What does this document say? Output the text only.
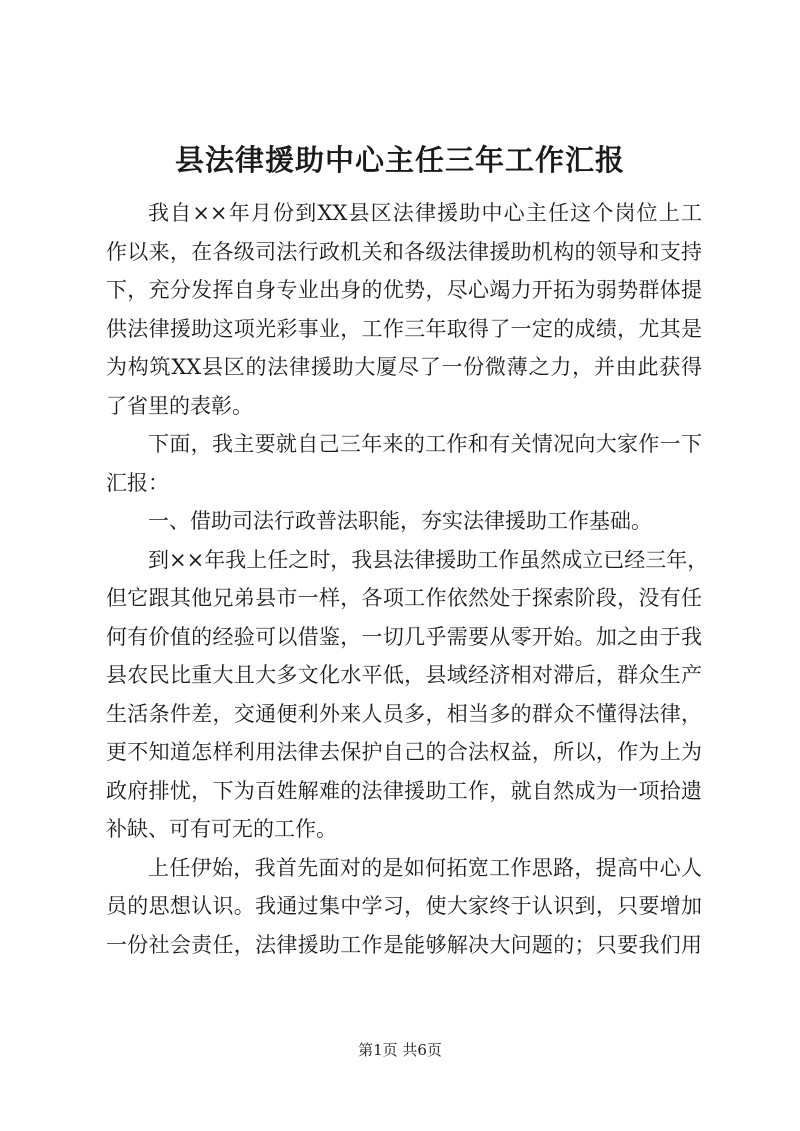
县法律援助中心主任三年工作汇报
我自××年月份到XX县区法律援助中心主任这个岗位上工
作以来，在各级司法行政机关和各级法律援助机构的领导和支持
下，充分发挥自身专业出身的优势，尽心竭力开拓为弱势群体提
供法律援助这项光彩事业，工作三年取得了一定的成绩，尤其是
为构筑XX县区的法律援助大厦尽了一份微薄之力，并由此获得
了省里的表彰。
下面，我主要就自己三年来的工作和有关情况向大家作一下
汇报：
一、借助司法行政普法职能，夯实法律援助工作基础。
到××年我上任之时，我县法律援助工作虽然成立已经三年，
但它跟其他兄弟县市一样，各项工作依然处于探索阶段，没有任
何有价值的经验可以借鉴，一切几乎需要从零开始。加之由于我
县农民比重大且大多文化水平低，县域经济相对滞后，群众生产
生活条件差，交通便利外来人员多，相当多的群众不懂得法律，
更不知道怎样利用法律去保护自己的合法权益，所以，作为上为
政府排忧，下为百姓解难的法律援助工作，就自然成为一项拾遗
补缺、可有可无的工作。
上任伊始，我首先面对的是如何拓宽工作思路，提高中心人
员的思想认识。我通过集中学习，使大家终于认识到，只要增加
一份社会责任，法律援助工作是能够解决大问题的；只要我们用
第1页 共6页
